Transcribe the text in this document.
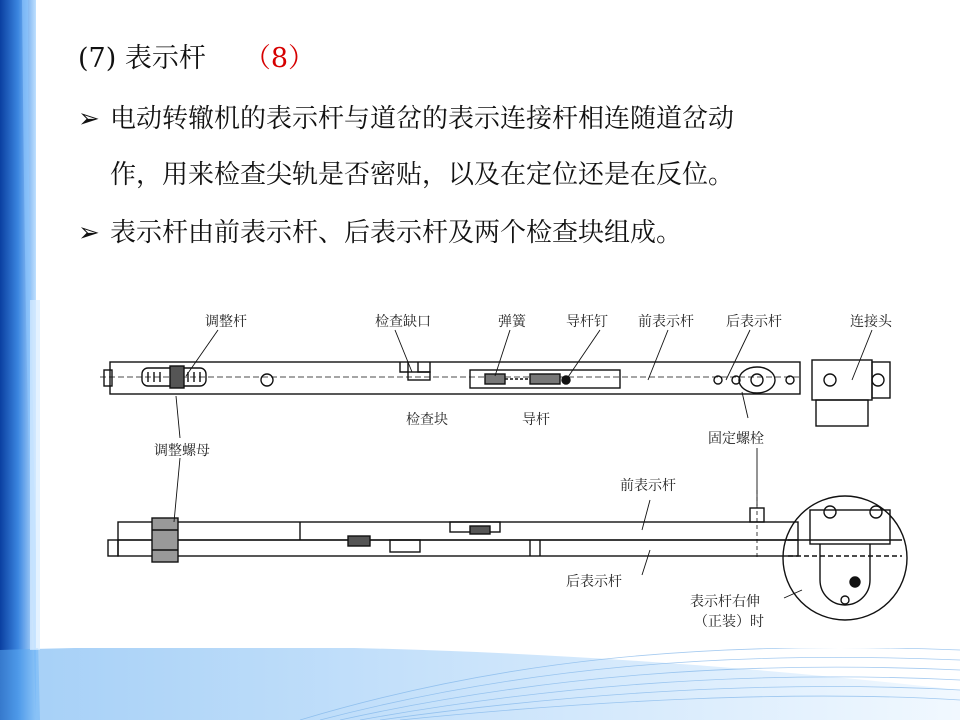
(7) 表示杆 （8）
➢ 电动转辙机的表示杆与道岔的表示连接杆相连随道岔动
作，用来检查尖轨是否密贴，以及在定位还是在反位。
➢ 表示杆由前表示杆、后表示杆及两个检查块组成。
调整杆	检查缺口	弹簧	导杆钉 前表示杆 后表示杆	连接头
检查块	导杆
固定螺栓
调整螺母
前表示杆
后表示杆
表示杆右伸
（正装）时
